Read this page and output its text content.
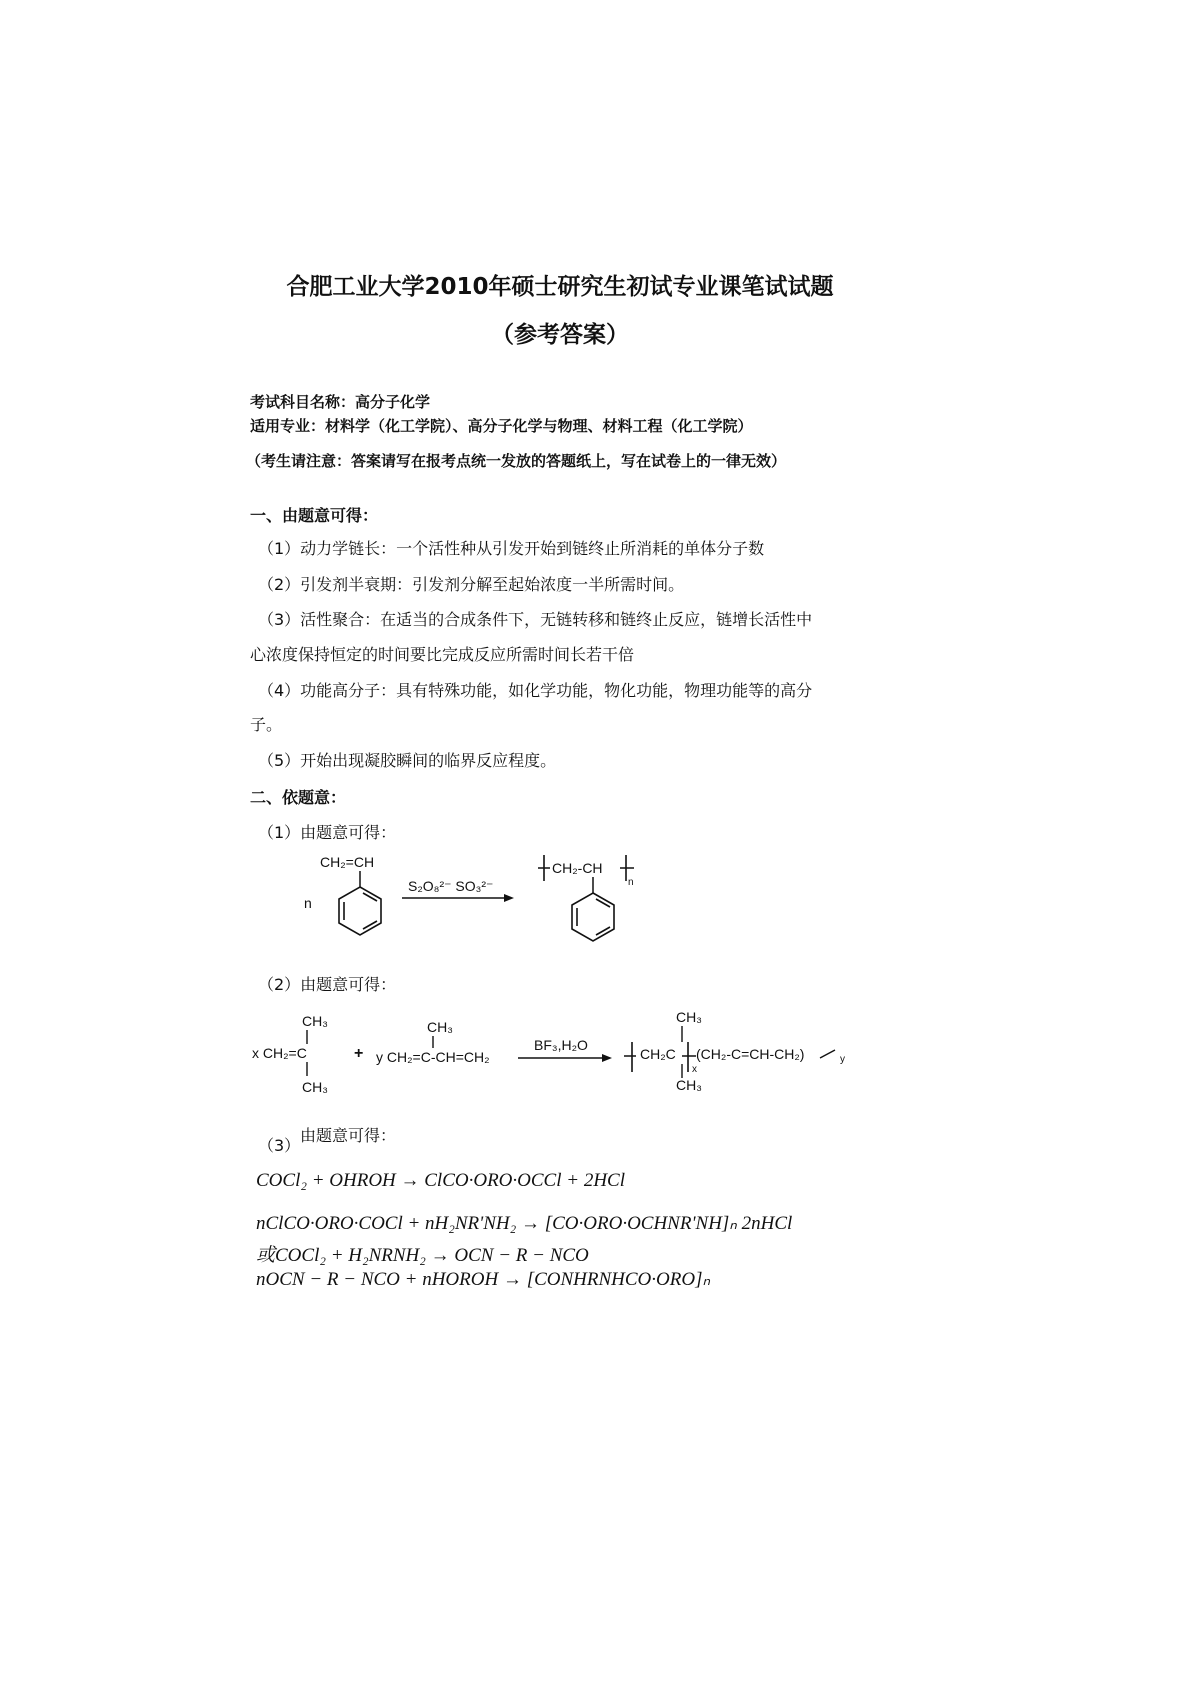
合肥工业大学2010年硕士研究生初试专业课笔试试题
（参考答案）
考试科目名称：高分子化学
适用专业：材料学（化工学院）、高分子化学与物理、材料工程（化工学院）
（考生请注意：答案请写在报考点统一发放的答题纸上，写在试卷上的一律无效）
一、由题意可得：
（1）动力学链长：一个活性种从引发开始到链终止所消耗的单体分子数
（2）引发剂半衰期：引发剂分解至起始浓度一半所需时间。
（3）活性聚合：在适当的合成条件下，无链转移和链终止反应，链增长活性中
心浓度保持恒定的时间要比完成反应所需时间长若干倍
（4）功能高分子：具有特殊功能，如化学功能，物化功能，物理功能等的高分
子。
（5）开始出现凝胶瞬间的临界反应程度。
二、依题意：
（1）由题意可得：
n
CH₂=CH
S₂O₈²⁻ SO₃²⁻
CH₂-CH
n
（2）由题意可得：
CH₃
x CH₂=C
CH₃
+
CH₃
y CH₂=C-CH=CH₂
BF₃,H₂O
CH₃
CH₂C
x
CH₃
(CH₂-C=CH-CH₂)	y
（3）
由题意可得：
COCl₂ + OHROH → ClCO·ORO·OCCl + 2HCl
nClCO·ORO·COCl + nH₂NR'NH₂ → [CO·ORO·OCHNR'NH]ₙ 2nHCl
或COCl₂ + H₂NRNH₂ → OCN − R − NCO
nOCN − R − NCO + nHOROH → [CONHRNHCO·ORO]ₙ
